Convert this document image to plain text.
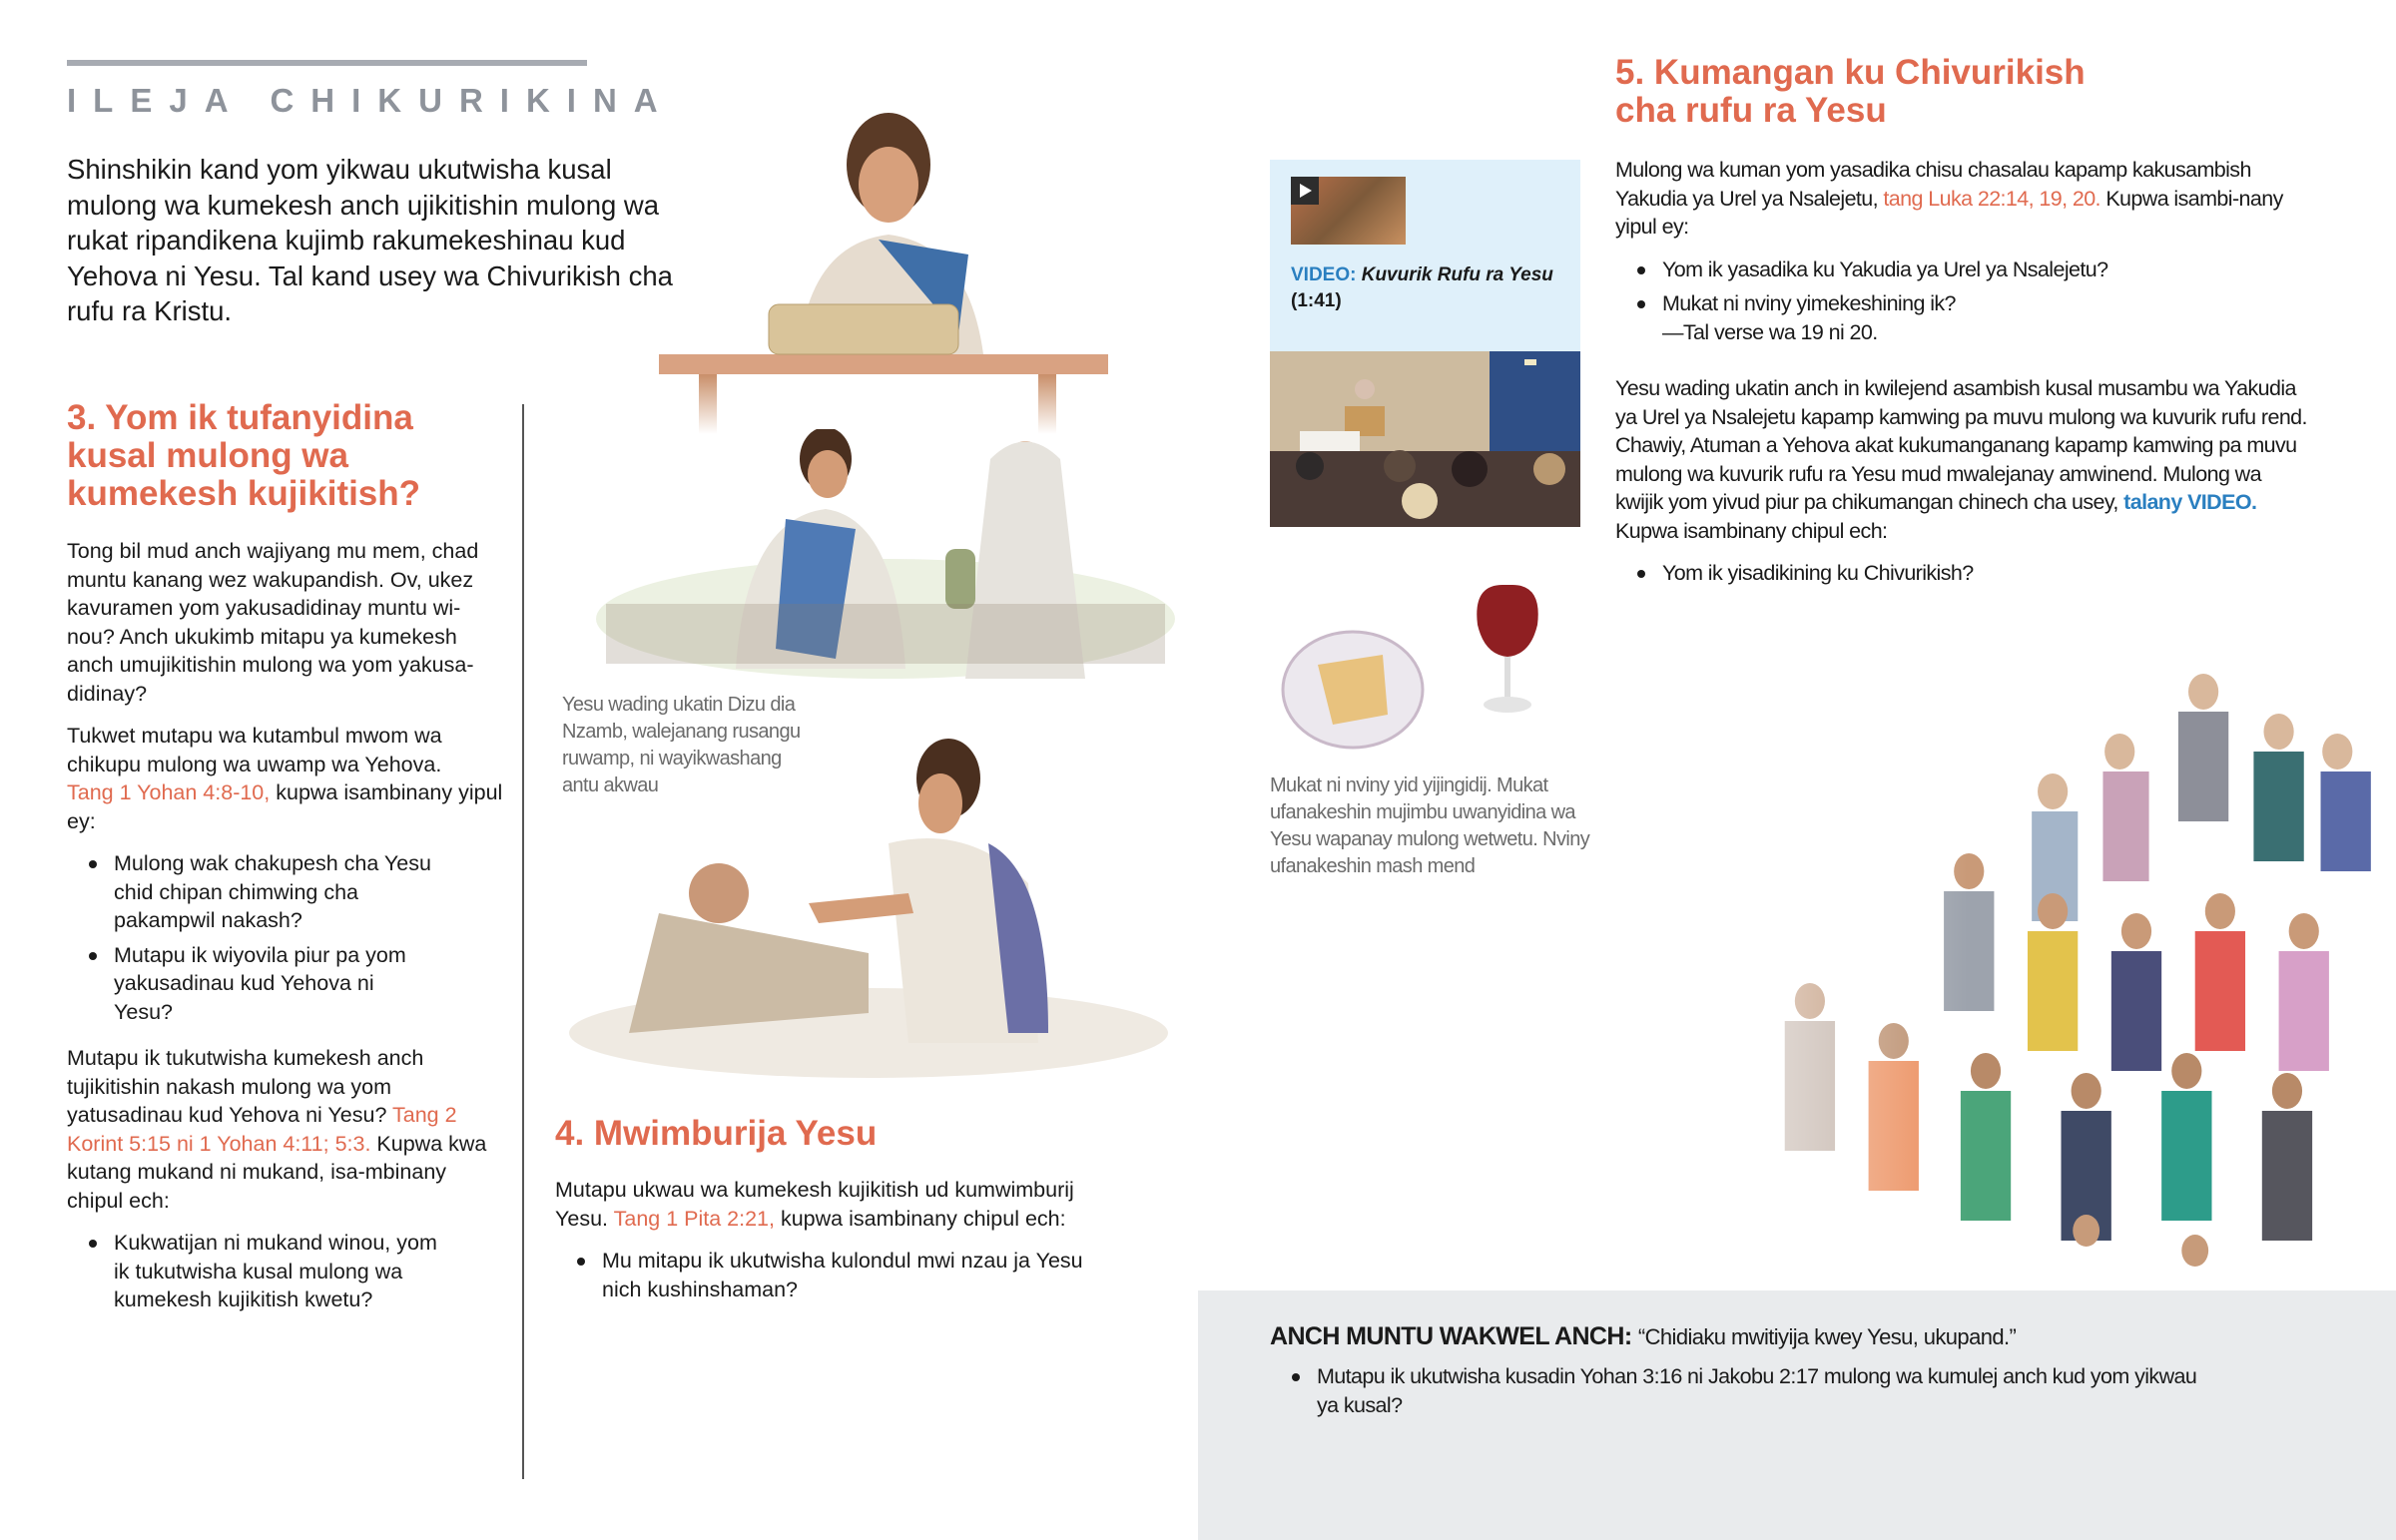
ILEJA CHIKURIKINA
Shinshikin kand yom yikwau ukutwisha kusal mulong wa kumekesh anch ujikitishin mulong wa rukat ripandikena kujimb rakumekeshinau kud Yehova ni Yesu. Tal kand usey wa Chivurikish cha rufu ra Kristu.
3. Yom ik tufanyidina kusal mulong wa kumekesh kujikitish?

Tong bil mud anch wajiyang mu mem, chad muntu kanang wez wakupandish. Ov, ukez kavuramen yom yakusadidinay muntu wi-nou? Anch ukukimb mitapu ya kumekesh anch umujikitishin mulong wa yom yakusa-didinay?

Tukwet mutapu wa kutambul mwom wa chikupu mulong wa uwamp wa Yehova.
Tang 1 Yohan 4:8-10, kupwa isambinany yipul ey:

Mulong wak chakupesh cha Yesu chid chipan chimwing cha pakampwil nakash?
Mutapu ik wiyovila piur pa yom yakusadinau kud Yehova ni Yesu?

Mutapu ik tukutwisha kumekesh anch tujikitishin nakash mulong wa yom yatusadinau kud Yehova ni Yesu? Tang 2 Korint 5:15 ni 1 Yohan 4:11; 5:3. Kupwa kwa kutang mukand ni mukand, isa-mbinany chipul ech:

Kukwatijan ni mukand winou, yom ik tukutwisha kusal mulong wa kumekesh kujikitish kwetu?
Yesu wading ukatin Dizu dia Nzamb, walejanang rusangu ruwamp, ni wayikwashang antu akwau
4. Mwimburija Yesu

Mutapu ukwau wa kumekesh kujikitish ud kumwimburij Yesu. Tang 1 Pita 2:21, kupwa isambinany chipul ech:

Mu mitapu ik ukutwisha kulondul mwi nzau ja Yesu nich kushinshaman?
VIDEO: Kuvurik Rufu ra Yesu
(1:41)
Mukat ni nviny yid yijingidij. Mukat ufanakeshin mujimbu uwanyidina wa Yesu wapanay mulong wetwetu. Nviny ufanakeshin mash mend
5. Kumangan ku Chivurikish cha rufu ra Yesu

Mulong wa kuman yom yasadika chisu chasalau kapamp kakusambish Yakudia ya Urel ya Nsalejetu, tang Luka 22:14, 19, 20. Kupwa isambi-nany yipul ey:

Yom ik yasadika ku Yakudia ya Urel ya Nsalejetu?
Mukat ni nviny yimekeshining ik?
—Tal verse wa 19 ni 20.

Yesu wading ukatin anch in kwilejend asambish kusal musambu wa Yakudia ya Urel ya Nsalejetu kapamp kamwing pa muvu mulong wa kuvurik rufu rend. Chawiy, Atuman a Yehova akat kukumanganang kapamp kamwing pa muvu mulong wa kuvurik rufu ra Yesu mud mwalejanay amwinend. Mulong wa kwijik yom yivud piur pa chikumangan chinech cha usey, talany VIDEO. Kupwa isambinany chipul ech:

Yom ik yisadikining ku Chivurikish?
ANCH MUNTU WAKWEL ANCH: “Chidiaku mwitiyija kwey Yesu, ukupand.”
Mutapu ik ukutwisha kusadin Yohan 3:16 ni Jakobu 2:17 mulong wa kumulej anch kud yom yikwau ya kusal?
